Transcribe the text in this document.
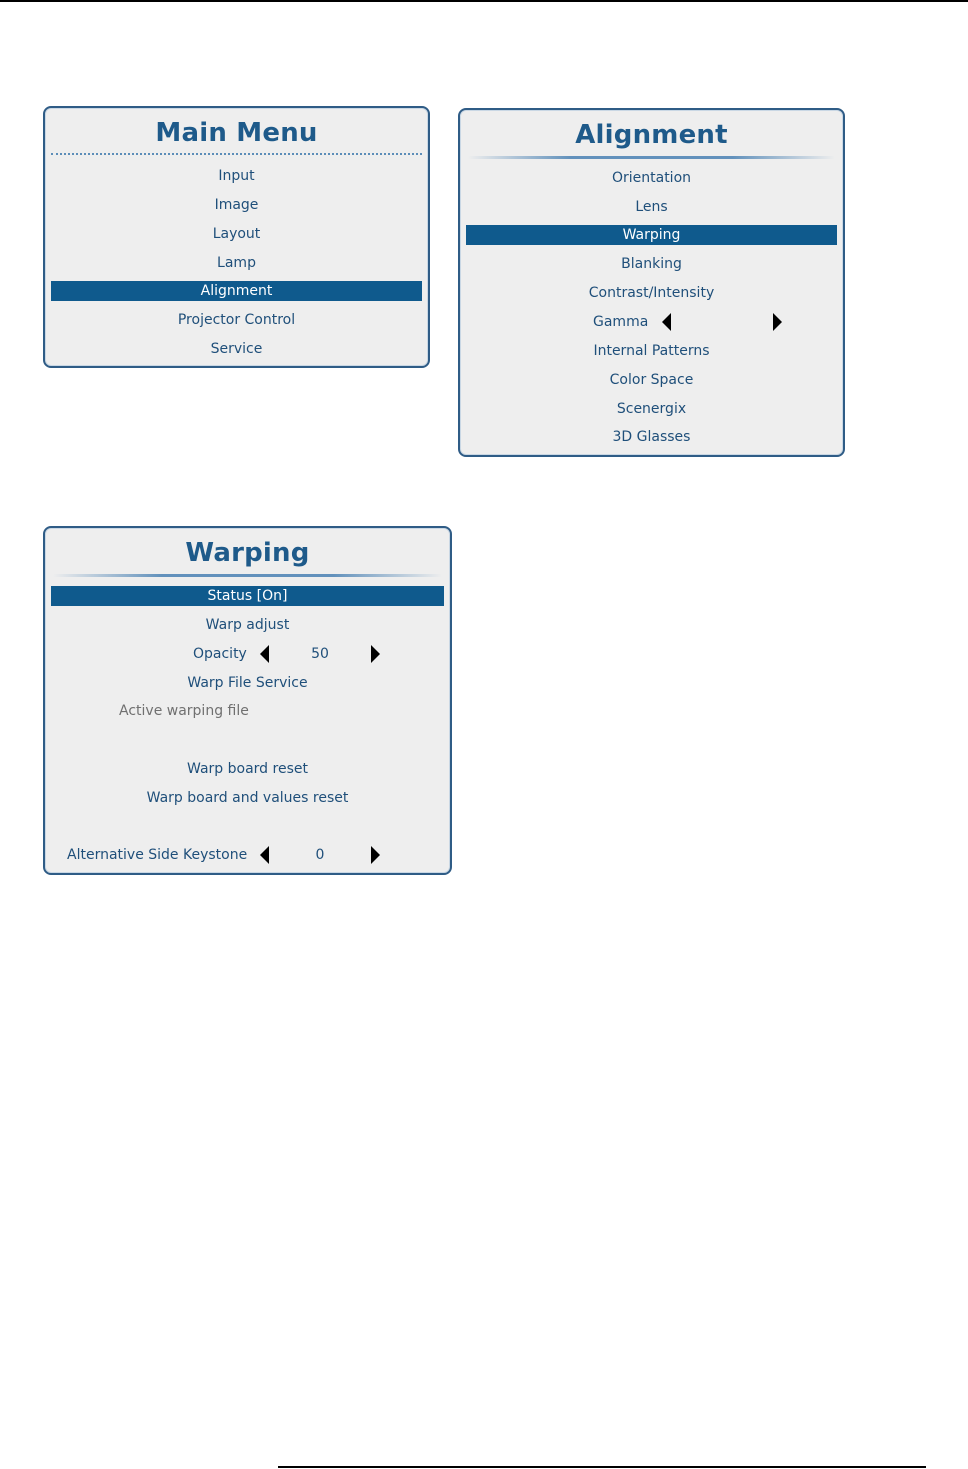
Main Menu
Input
Image
Layout
Lamp
Alignment
Projector Control
Service
Alignment
Orientation
Lens
Warping
Blanking
Contrast/Intensity
Gamma
Internal Patterns
Color Space
Scenergix
3D Glasses
Warping
Status [On]
Warp adjust
Opacity	50
Warp File Service
Active warping file
Warp board reset
Warp board and values reset
Alternative Side Keystone	0
